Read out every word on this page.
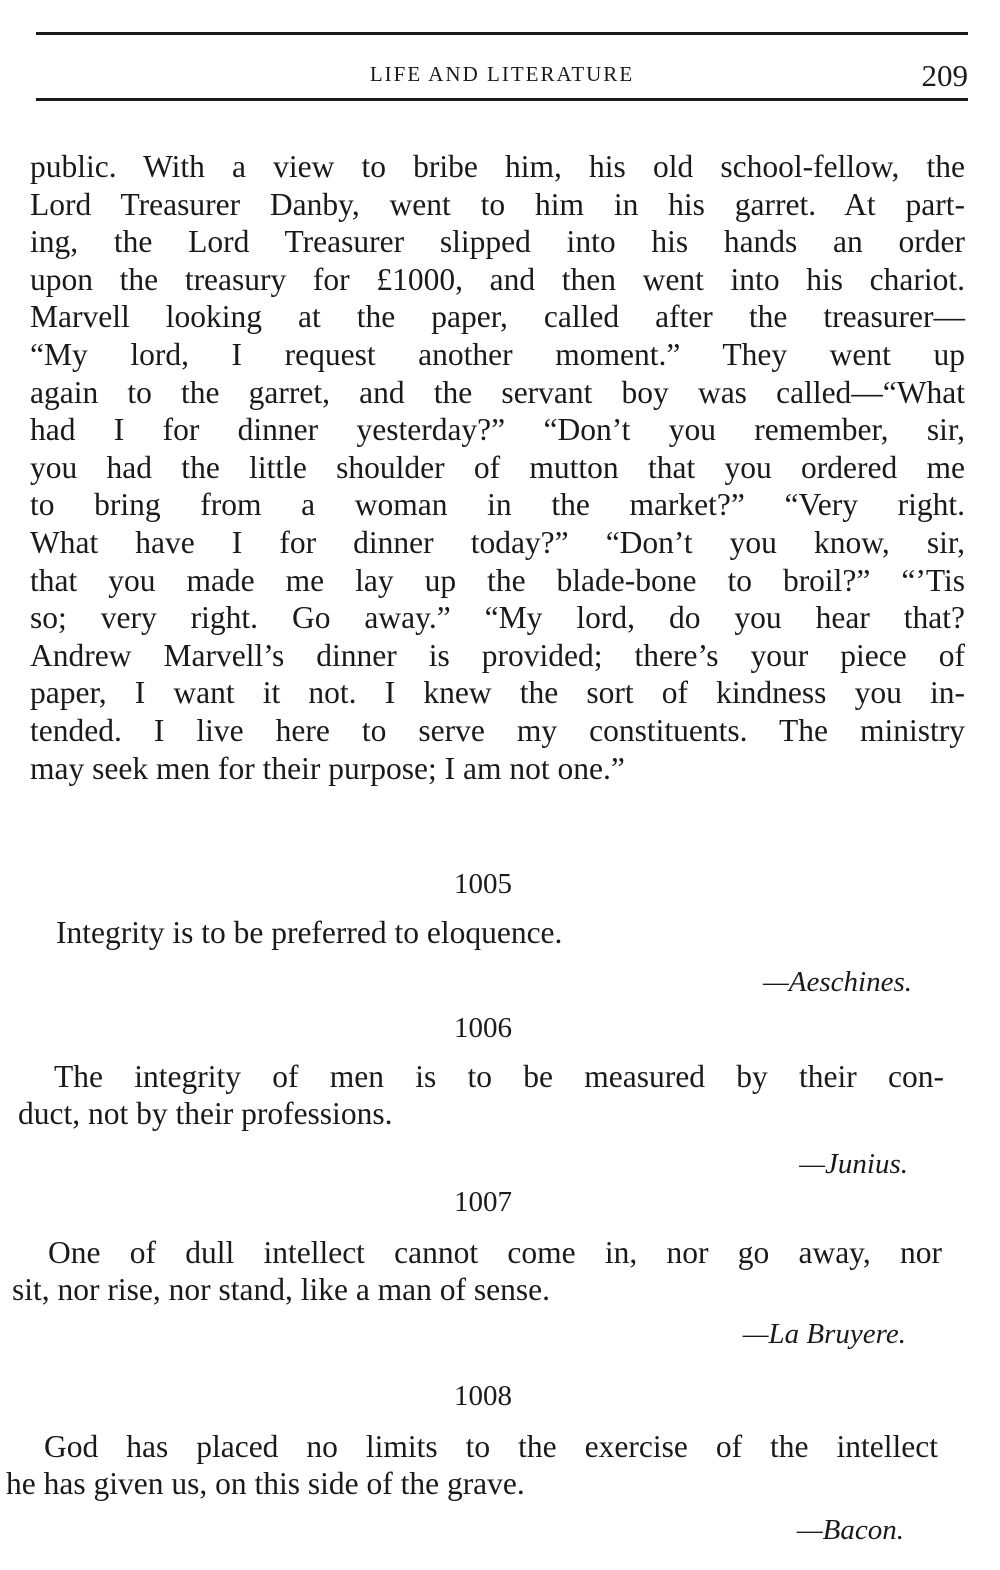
LIFE AND LITERATURE	209
public. With a view to bribe him, his old school-fellow, the
Lord Treasurer Danby, went to him in his garret. At part-
ing, the Lord Treasurer slipped into his hands an order
upon the treasury for £1000, and then went into his chariot.
Marvell looking at the paper, called after the treasurer—
“My lord, I request another moment.” They went up
again to the garret, and the servant boy was called—“What
had I for dinner yesterday?” “Don’t you remember, sir,
you had the little shoulder of mutton that you ordered me
to bring from a woman in the market?” “Very right.
What have I for dinner today?” “Don’t you know, sir,
that you made me lay up the blade-bone to broil?” “’Tis
so; very right. Go away.” “My lord, do you hear that?
Andrew Marvell’s dinner is provided; there’s your piece of
paper, I want it not. I knew the sort of kindness you in-
tended. I live here to serve my constituents. The ministry
may seek men for their purpose; I am not one.”
1005
Integrity is to be preferred to eloquence.
—Aeschines.
1006
The integrity of men is to be measured by their con-
duct, not by their professions.
—Junius.
1007
One of dull intellect cannot come in, nor go away, nor
sit, nor rise, nor stand, like a man of sense.
—La Bruyere.
1008
God has placed no limits to the exercise of the intellect
he has given us, on this side of the grave.
—Bacon.
